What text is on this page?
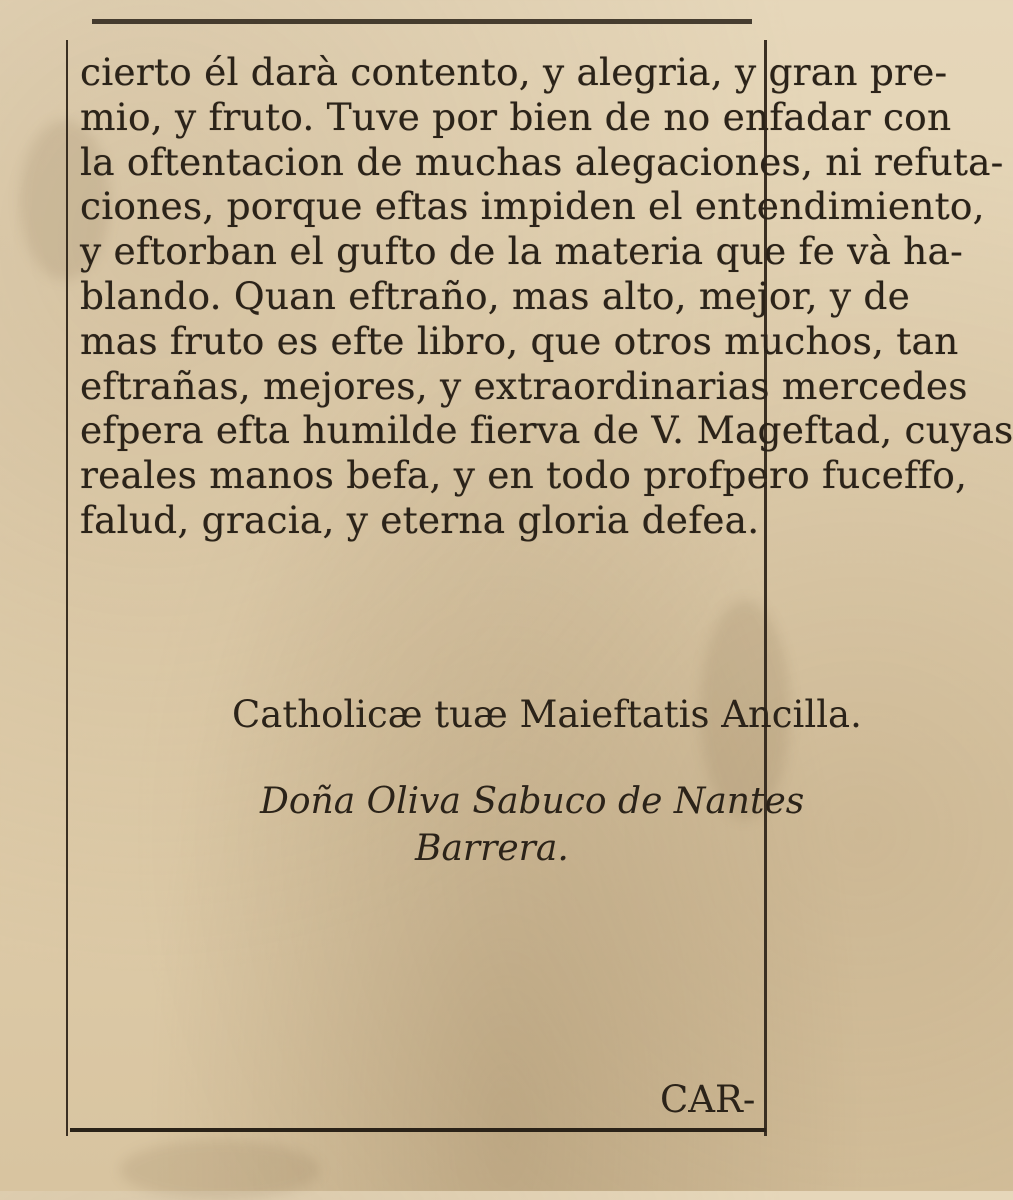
cierto él darà contento, y alegria, y gran pre-
mio, y fruto. Tuve por bien de no enfadar con
la oftentacion de muchas alegaciones, ni refuta-
ciones, porque eftas impiden el entendimiento,
y eftorban el gufto de la materia que fe và ha-
blando. Quan eftraño, mas alto, mejor, y de
mas fruto es efte libro, que otros muchos, tan
eftrañas, mejores, y extraordinarias mercedes
efpera efta humilde fierva de V. Mageftad, cuyas
reales manos befa, y en todo profpero fuceffo,
falud, gracia, y eterna gloria defea.
Catholicæ tuæ Maieftatis Ancilla.
Doña Oliva Sabuco de Nantes
Barrera.
CAR-
